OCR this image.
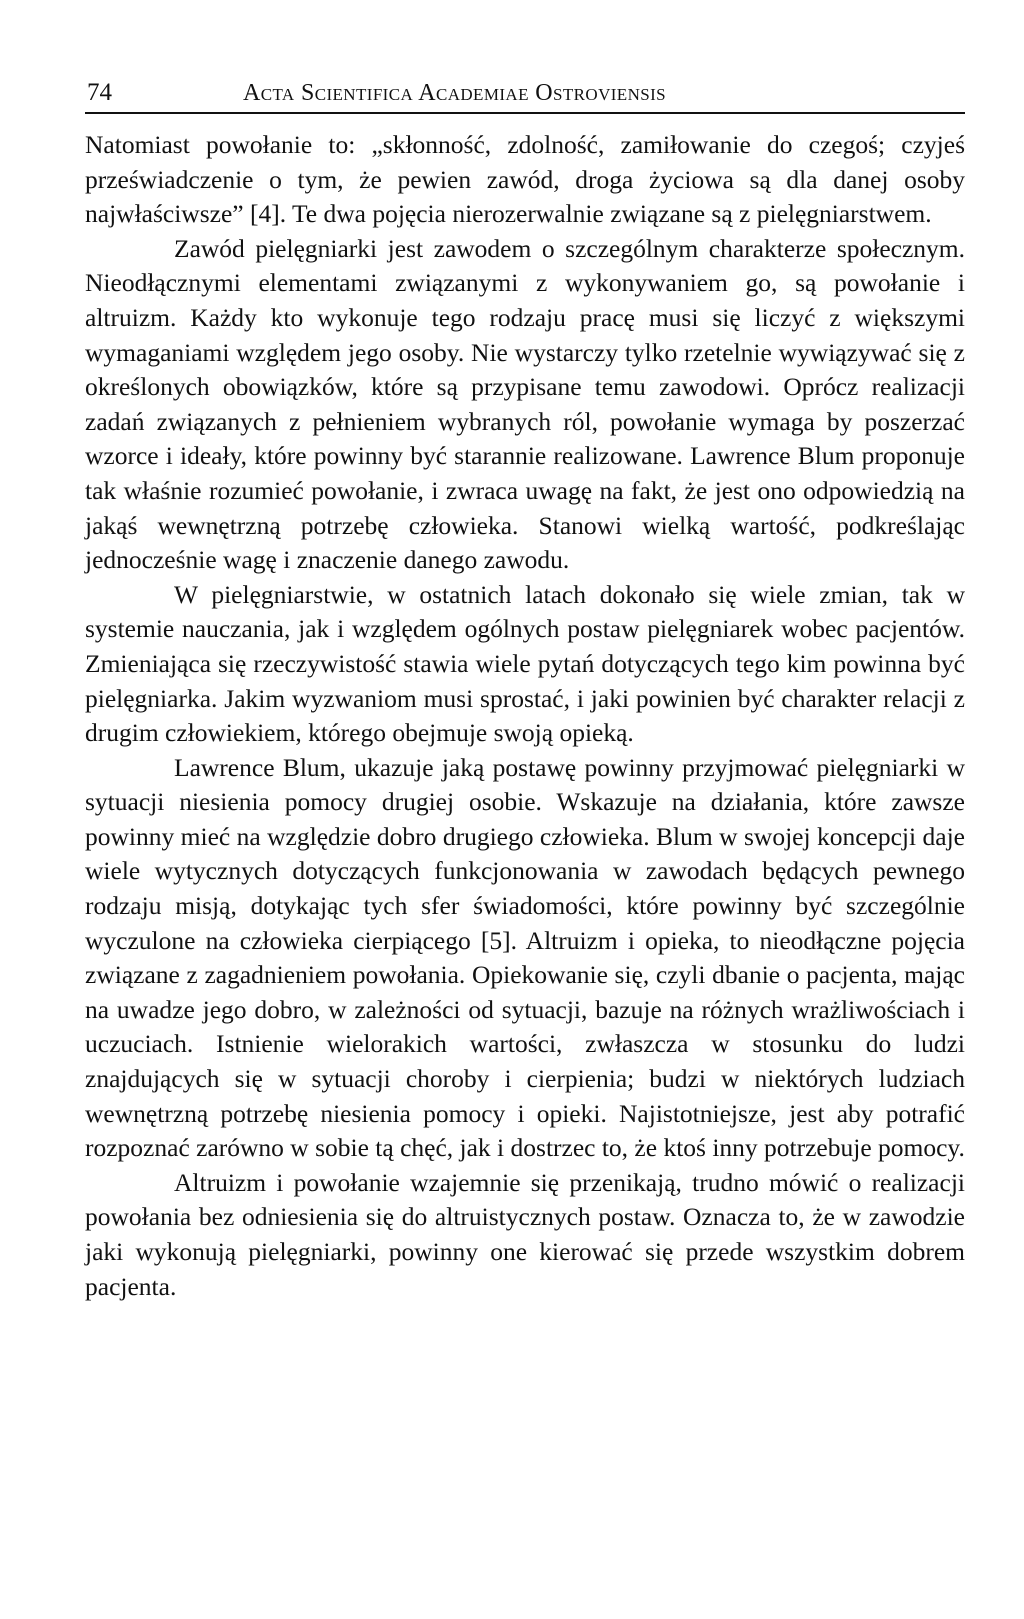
74	Acta Scientifica Academiae Ostroviensis

Natomiast powołanie to: „skłonność, zdolność, zamiłowanie do czegoś; czyjeś przeświadczenie o tym, że pewien zawód, droga życiowa są dla danej osoby najwłaściwsze” [4]. Te dwa pojęcia nierozerwalnie związane są z pielęgniarstwem.

Zawód pielęgniarki jest zawodem o szczególnym charakterze społecznym. Nieodłącznymi elementami związanymi z wykonywaniem go, są powołanie i altruizm. Każdy kto wykonuje tego rodzaju pracę musi się liczyć z większymi wymaganiami względem jego osoby. Nie wystarczy tylko rzetelnie wywiązywać się z określonych obowiązków, które są przypisane temu zawodowi. Oprócz realizacji zadań związanych z pełnieniem wybranych ról, powołanie wymaga by poszerzać wzorce i ideały, które powinny być starannie realizowane. Lawrence Blum proponuje tak właśnie rozumieć powołanie, i zwraca uwagę na fakt, że jest ono odpowiedzią na jakąś wewnętrzną potrzebę człowieka. Stanowi wielką wartość, podkreślając jednocześnie wagę i znaczenie danego zawodu.

W pielęgniarstwie, w ostatnich latach dokonało się wiele zmian, tak w systemie nauczania, jak i względem ogólnych postaw pielęgniarek wobec pacjentów. Zmieniająca się rzeczywistość stawia wiele pytań dotyczących tego kim powinna być pielęgniarka. Jakim wyzwaniom musi sprostać, i jaki powinien być charakter relacji z drugim człowiekiem, którego obejmuje swoją opieką.

Lawrence Blum, ukazuje jaką postawę powinny przyjmować pielęgniarki w sytuacji niesienia pomocy drugiej osobie. Wskazuje na działania, które zawsze powinny mieć na względzie dobro drugiego człowieka. Blum w swojej koncepcji daje wiele wytycznych dotyczących funkcjonowania w zawodach będących pewnego rodzaju misją, dotykając tych sfer świadomości, które powinny być szczególnie wyczulone na człowieka cierpiącego [5]. Altruizm i opieka, to nieodłączne pojęcia związane z zagadnieniem powołania. Opiekowanie się, czyli dbanie o pacjenta, mając na uwadze jego dobro, w zależności od sytuacji, bazuje na różnych wrażliwościach i uczuciach. Istnienie wielorakich wartości, zwłaszcza w stosunku do ludzi znajdujących się w sytuacji choroby i cierpienia; budzi w niektórych ludziach wewnętrzną potrzebę niesienia pomocy i opieki. Najistotniejsze, jest aby potrafić rozpoznać zarówno w sobie tą chęć, jak i dostrzec to, że ktoś inny potrzebuje pomocy.

Altruizm i powołanie wzajemnie się przenikają, trudno mówić o realizacji powołania bez odniesienia się do altruistycznych postaw. Oznacza to, że w zawodzie jaki wykonują pielęgniarki, powinny one kierować się przede wszystkim dobrem pacjenta.
